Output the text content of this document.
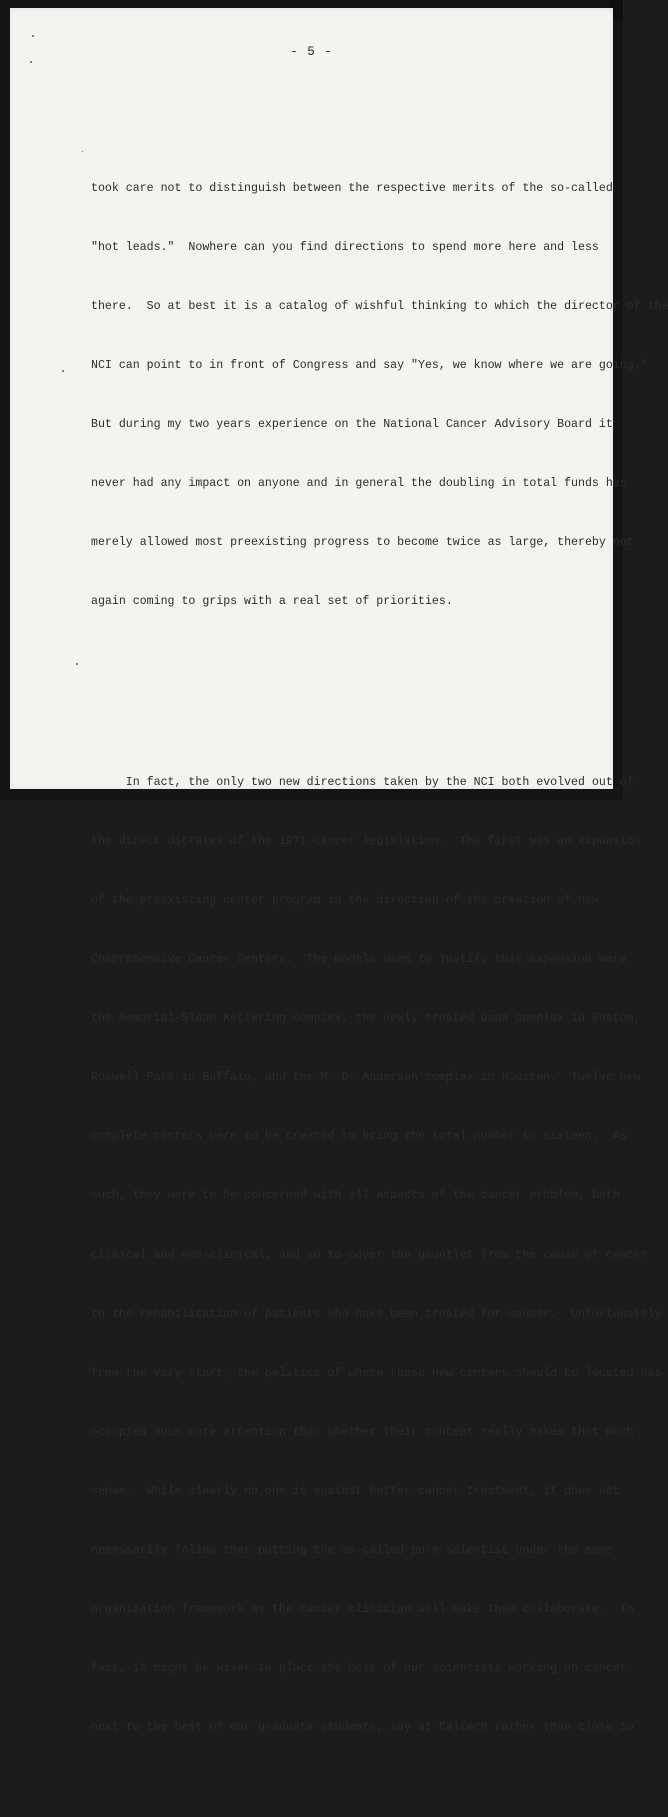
- 5 -

took care not to distinguish between the respective merits of the so-called

"hot leads."  Nowhere can you find directions to spend more here and less

there.  So at best it is a catalog of wishful thinking to which the director of the

NCI can point to in front of Congress and say "Yes, we know where we are going."

But during my two years experience on the National Cancer Advisory Board it

never had any impact on anyone and in general the doubling in total funds has

merely allowed most preexisting progress to become twice as large, thereby not

again coming to grips with a real set of priorities.

In fact, the only two new directions taken by the NCI both evolved out of

the direct dictates of the 1971 cancer legislation.  The first was an expansion

of the preexisting center program in the direction of the creation of new

Comprehensive Cancer Centers.  The models used to justify this expansion were

the Memorial-Sloan Kettering complex, the newly created Dana complex in Boston,

Roswell Park in Buffalo, and the M. D. Anderson complex in Houston.  Twelve new

complete centers were to be created to bring the total number to sixteen.  As

such, they were to be concerned with all aspects of the cancer problem, both

clinical and non-clinical, and so to cover the gauntlet from the cause of cancer

to the rehabilitation of patients who have been treated for cancer.  Unfortunately

from the very start, the politics of where these new centers should be located has

occupied much more attention than whether their concept really makes that much

sense.  While clearly no one is against better cancer treatment, it does not

necessarily follow that putting the so-called pure scientist under the same

organization framework as the cancer clinician will make them collaborate.  In

fact, it might be wiser to place the best of our scientists working on cancer

next to the best of our graduate students, say at Caltech rather than close to
